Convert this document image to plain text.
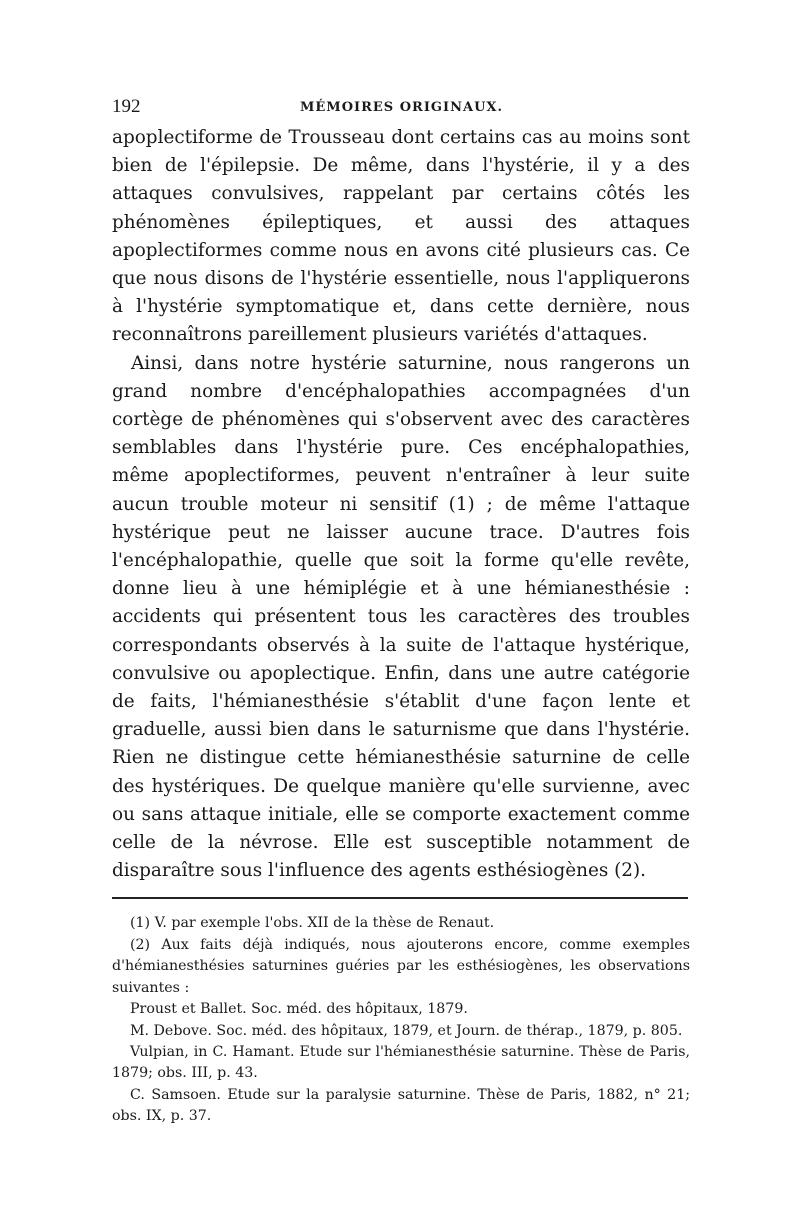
192	MÉMOIRES ORIGINAUX.

apoplectiforme de Trousseau dont certains cas au moins sont bien de l'épilepsie. De même, dans l'hystérie, il y a des attaques convulsives, rappelant par certains côtés les phénomènes épileptiques, et aussi des attaques apoplectiformes comme nous en avons cité plusieurs cas. Ce que nous disons de l'hystérie essentielle, nous l'appliquerons à l'hystérie symptomatique et, dans cette dernière, nous reconnaîtrons pareillement plusieurs variétés d'attaques.

Ainsi, dans notre hystérie saturnine, nous rangerons un grand nombre d'encéphalopathies accompagnées d'un cortège de phénomènes qui s'observent avec des caractères semblables dans l'hystérie pure. Ces encéphalopathies, même apoplectiformes, peuvent n'entraîner à leur suite aucun trouble moteur ni sensitif (1) ; de même l'attaque hystérique peut ne laisser aucune trace. D'autres fois l'encéphalopathie, quelle que soit la forme qu'elle revête, donne lieu à une hémiplégie et à une hémianesthésie : accidents qui présentent tous les caractères des troubles correspondants observés à la suite de l'attaque hystérique, convulsive ou apoplectique. Enfin, dans une autre catégorie de faits, l'hémianesthésie s'établit d'une façon lente et graduelle, aussi bien dans le saturnisme que dans l'hystérie. Rien ne distingue cette hémianesthésie saturnine de celle des hystériques. De quelque manière qu'elle survienne, avec ou sans attaque initiale, elle se comporte exactement comme celle de la névrose. Elle est susceptible notamment de disparaître sous l'influence des agents esthésiogènes (2).

(1) V. par exemple l'obs. XII de la thèse de Renaut.

(2) Aux faits déjà indiqués, nous ajouterons encore, comme exemples d'hémianesthésies saturnines guéries par les esthésiogènes, les observations suivantes :

Proust et Ballet. Soc. méd. des hôpitaux, 1879.

M. Debove. Soc. méd. des hôpitaux, 1879, et Journ. de thérap., 1879, p. 805.

Vulpian, in C. Hamant. Etude sur l'hémianesthésie saturnine. Thèse de Paris, 1879; obs. III, p. 43.

C. Samsoen. Etude sur la paralysie saturnine. Thèse de Paris, 1882, n° 21; obs. IX, p. 37.
